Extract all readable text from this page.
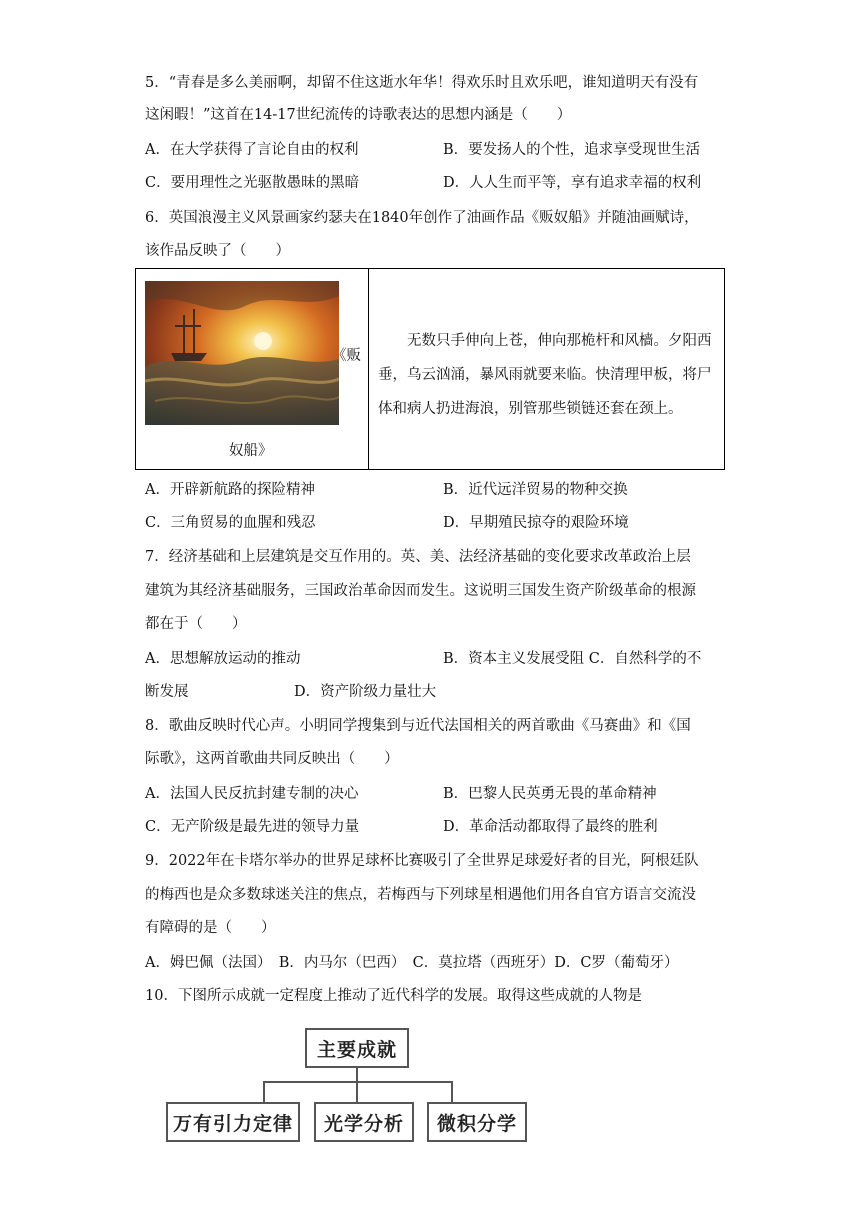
5．“青春是多么美丽啊，却留不住这逝水年华！得欢乐时且欢乐吧，谁知道明天有没有
这闲暇！”这首在14-17世纪流传的诗歌表达的思想内涵是（　　）
A．在大学获得了言论自由的权利	B．要发扬人的个性，追求享受现世生活
C．要用理性之光驱散愚昧的黑暗	D．人人生而平等，享有追求幸福的权利
6．英国浪漫主义风景画家约瑟夫在1840年创作了油画作品《贩奴船》并随油画赋诗，
该作品反映了（　　）
《贩
奴船》
无数只手伸向上苍，伸向那桅杆和风樯。夕阳西垂，乌云汹涌，暴风雨就要来临。快清理甲板，将尸体和病人扔进海浪，别管那些锁链还套在颈上。
A．开辟新航路的探险精神	B．近代远洋贸易的物种交换
C．三角贸易的血腥和残忍	D．早期殖民掠夺的艰险环境
7．经济基础和上层建筑是交互作用的。英、美、法经济基础的变化要求改革政治上层
建筑为其经济基础服务，三国政治革命因而发生。这说明三国发生资产阶级革命的根源
都在于（　　）
A．思想解放运动的推动	B．资本主义发展受阻 C．自然科学的不
断发展	D．资产阶级力量壮大
8．歌曲反映时代心声。小明同学搜集到与近代法国相关的两首歌曲《马赛曲》和《国
际歌》，这两首歌曲共同反映出（　　）
A．法国人民反抗封建专制的决心	B．巴黎人民英勇无畏的革命精神
C．无产阶级是最先进的领导力量	D．革命活动都取得了最终的胜利
9．2022年在卡塔尔举办的世界足球杯比赛吸引了全世界足球爱好者的目光，阿根廷队
的梅西也是众多数球迷关注的焦点，若梅西与下列球星相遇他们用各自官方语言交流没
有障碍的是（　　）
A．姆巴佩（法国）　B．内马尔（巴西）　C．莫拉塔（西班牙）D．C罗（葡萄牙）
10．下图所示成就一定程度上推动了近代科学的发展。取得这些成就的人物是
主要成就
万有引力定律	光学分析	微积分学
